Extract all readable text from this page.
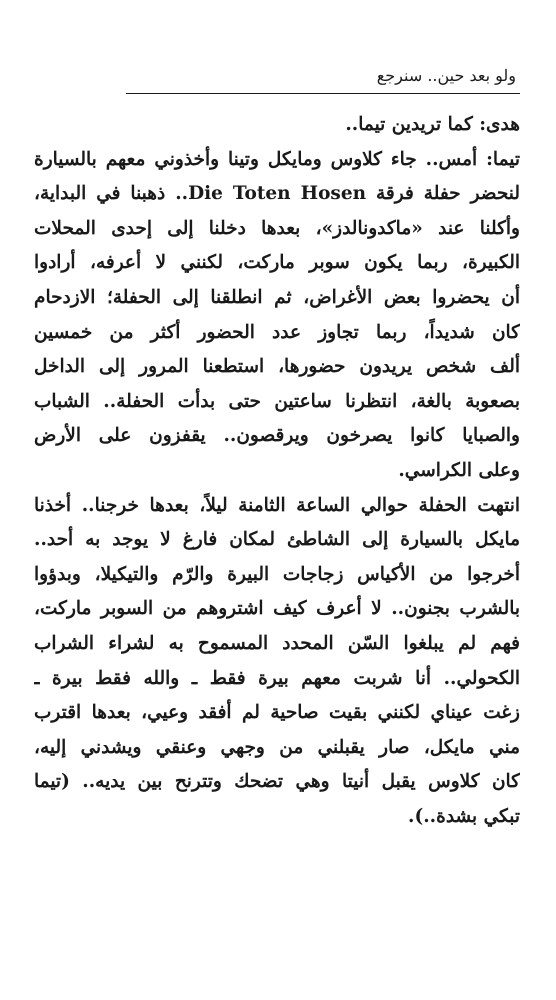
ولو بعد حين.. سنرجع
هدى: كما تريدين تيما..
تيما: أمس.. جاء كلاوس ومايكل وتينا وأخذوني معهم بالسيارة
لنحضر حفلة فرقة Die Toten Hosen.. ذهبنا في البداية،
وأكلنا عند «ماكدونالدز»، بعدها دخلنا إلى إحدى المحلات
الكبيرة، ربما يكون سوبر ماركت، لكنني لا أعرفه، أرادوا
أن يحضروا بعض الأغراض، ثم انطلقنا إلى الحفلة؛ الازدحام
كان شديداً، ربما تجاوز عدد الحضور أكثر من خمسين
ألف شخص يريدون حضورها، استطعنا المرور إلى الداخل
بصعوبة بالغة، انتظرنا ساعتين حتى بدأت الحفلة.. الشباب
والصبايا كانوا يصرخون ويرقصون.. يقفزون على الأرض
وعلى الكراسي.
انتهت الحفلة حوالي الساعة الثامنة ليلاً، بعدها خرجنا.. أخذنا
مايكل بالسيارة إلى الشاطئ لمكان فارغ لا يوجد به أحد..
أخرجوا من الأكياس زجاجات البيرة والرّم والتيكيلا، وبدؤوا
بالشرب بجنون.. لا أعرف كيف اشتروهم من السوبر ماركت،
فهم لم يبلغوا السّن المحدد المسموح به لشراء الشراب
الكحولي.. أنا شربت معهم بيرة فقط ـ والله فقط بيرة ـ
زغت عيناي لكنني بقيت صاحية لم أفقد وعيي، بعدها اقترب
مني مايكل، صار يقبلني من وجهي وعنقي ويشدني إليه،
كان كلاوس يقبل أنيتا وهي تضحك وتترنح بين يديه.. (تيما
تبكي بشدة..).
